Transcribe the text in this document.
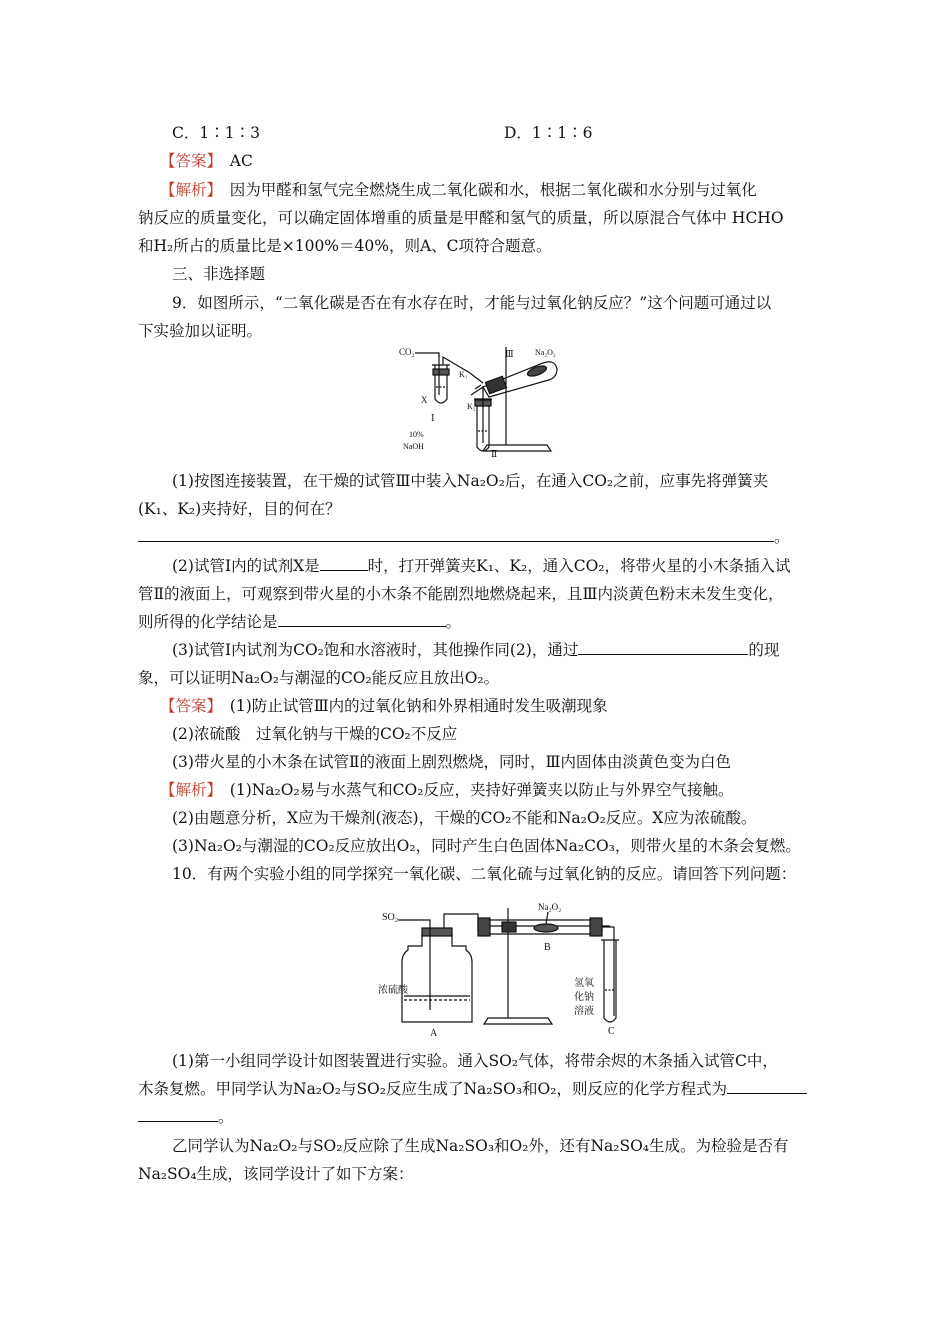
C．1∶1∶3	D．1∶1∶6
【答案】　 AC
【解析】　 因为甲醛和氢气完全燃烧生成二氧化碳和水，根据二氧化碳和水分别与过氧化
钠反应的质量变化，可以确定固体增重的质量是甲醛和氢气的质量，所以原混合气体中 HCHO
和H₂所占的质量比是×100%＝40%，则A、C项符合题意。
三、非选择题
9．如图所示，“二氧化碳是否在有水存在时，才能与过氧化钠反应？”这个问题可通过以
下实验加以证明。
CO₂
X
K₁
K₂
Ⅰ
Ⅱ
Ⅲ
10%
NaOH
Na₂O₂
(1)按图连接装置，在干燥的试管Ⅲ中装入Na₂O₂后，在通入CO₂之前，应事先将弹簧夹
(K₁、K₂)夹持好，目的何在？
。
(2)试管Ⅰ内的试剂X是	时，打开弹簧夹K₁、K₂，通入CO₂，将带火星的小木条插入试
管Ⅱ的液面上，可观察到带火星的小木条不能剧烈地燃烧起来，且Ⅲ内淡黄色粉末未发生变化，
则所得的化学结论是	。
(3)试管Ⅰ内试剂为CO₂饱和水溶液时，其他操作同(2)，通过	的现
象，可以证明Na₂O₂与潮湿的CO₂能反应且放出O₂。
【答案】　 (1)防止试管Ⅲ内的过氧化钠和外界相通时发生吸潮现象
(2)浓硫酸　过氧化钠与干燥的CO₂不反应
(3)带火星的小木条在试管Ⅱ的液面上剧烈燃烧，同时，Ⅲ内固体由淡黄色变为白色
【解析】　 (1)Na₂O₂易与水蒸气和CO₂反应，夹持好弹簧夹以防止与外界空气接触。
(2)由题意分析，X应为干燥剂(液态)，干燥的CO₂不能和Na₂O₂反应。X应为浓硫酸。
(3)Na₂O₂与潮湿的CO₂反应放出O₂，同时产生白色固体Na₂CO₃，则带火星的木条会复燃。
10．有两个实验小组的同学探究一氧化碳、二氧化硫与过氧化钠的反应。请回答下列问题：
SO₂
Na₂O₂
B
A	C
浓硫酸
氢氧
化钠
溶液
(1)第一小组同学设计如图装置进行实验。通入SO₂气体，将带余烬的木条插入试管C中，
木条复燃。甲同学认为Na₂O₂与SO₂反应生成了Na₂SO₃和O₂，则反应的化学方程式为
。
乙同学认为Na₂O₂与SO₂反应除了生成Na₂SO₃和O₂外，还有Na₂SO₄生成。为检验是否有
Na₂SO₄生成，该同学设计了如下方案：
